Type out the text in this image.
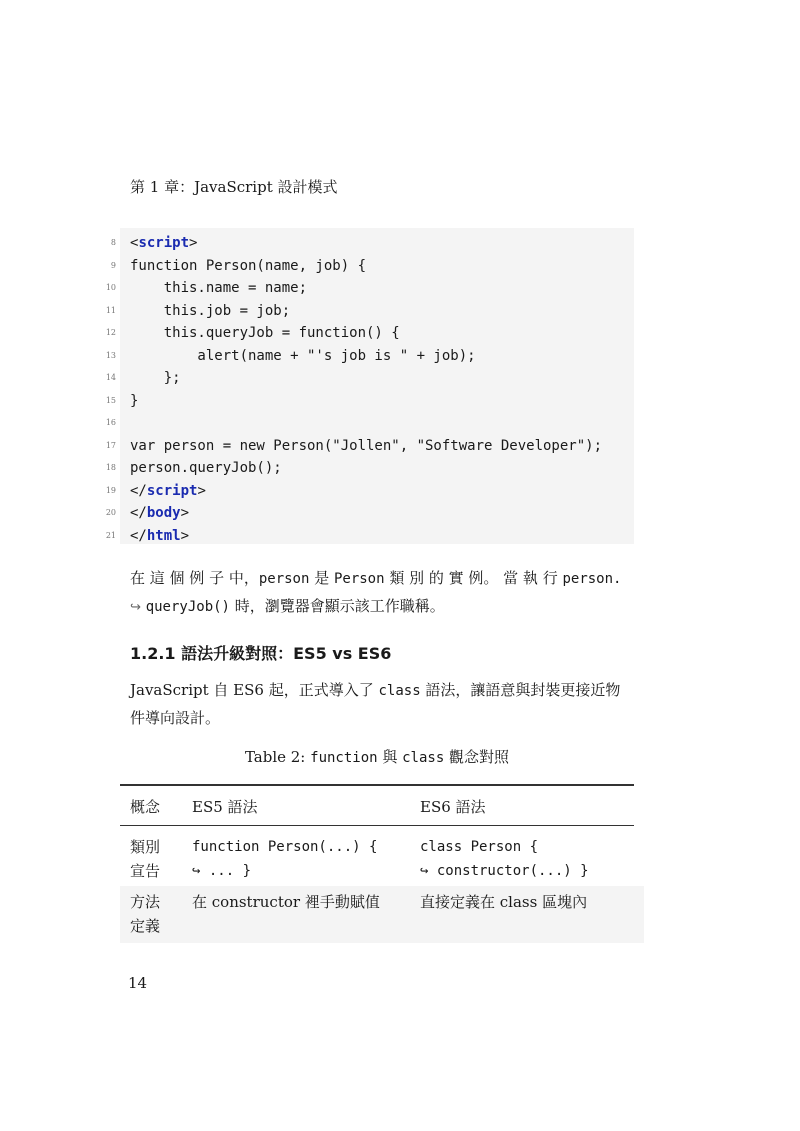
第 1 章：JavaScript 設計模式
8 <script>
9 function Person(name, job) {
10 this.name = name;
11 this.job = job;
12 this.queryJob = function() {
13 alert(name + "'s job is " + job);
14 };
15 }
16
17 var person = new Person("Jollen", "Software Developer");
18 person.queryJob();
19 </script>
20 </body>
21 </html>
在 這 個 例 子 中，person 是 Person 類 別 的 實 例。 當 執 行 person.
↪ queryJob() 時，瀏覽器會顯示該工作職稱。
1.2.1 語法升級對照：ES5 vs ES6
JavaScript 自 ES6 起，正式導入了 class 語法，讓語意與封裝更接近物
件導向設計。
Table 2: function 與 class 觀念對照
概念 ES5 語法	ES6 語法
類別
宣告
function Person(...) {
↪ ... }
class Person {
↪ constructor(...) }
方法
定義
在 constructor 裡手動賦值	直接定義在 class 區塊內
14
